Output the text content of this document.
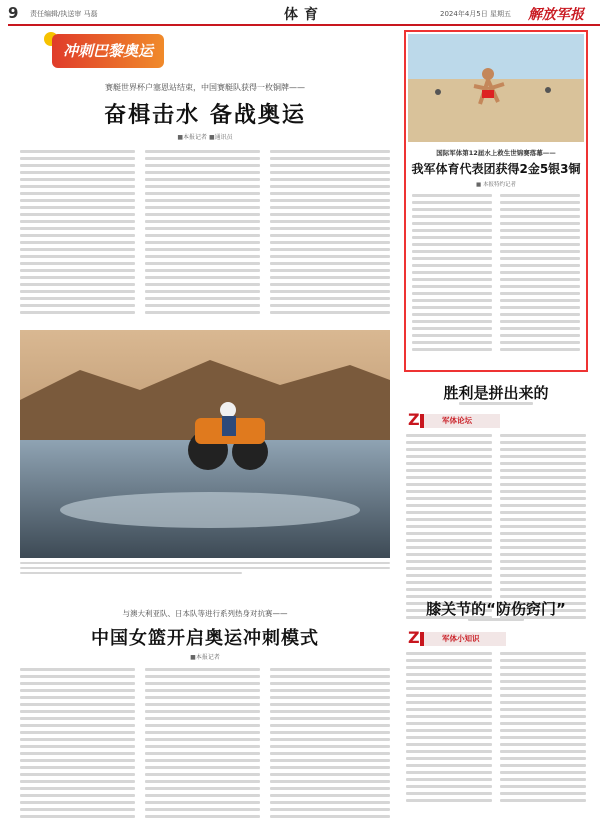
9 责任编辑/执送审 马磊	体育	2024年4月5日 星期五 解放军报
冲刺巴黎奥运
赛艇世界杯户塞恩站结束，中国赛艇队获得一枚铜牌——
奋楫击水 备战奥运
■本报记者 ■通讯员
国际军体第12届水上救生世锦赛落幕——
我军体育代表团获得2金5银3铜
■ 本报特约记者
胜利是拼出来的
Z	军体论坛
膝关节的“防伤窍门”
Z	军体小知识
与澳大利亚队、日本队等进行系列热身对抗赛——
中国女篮开启奥运冲刺模式
■本报记者
